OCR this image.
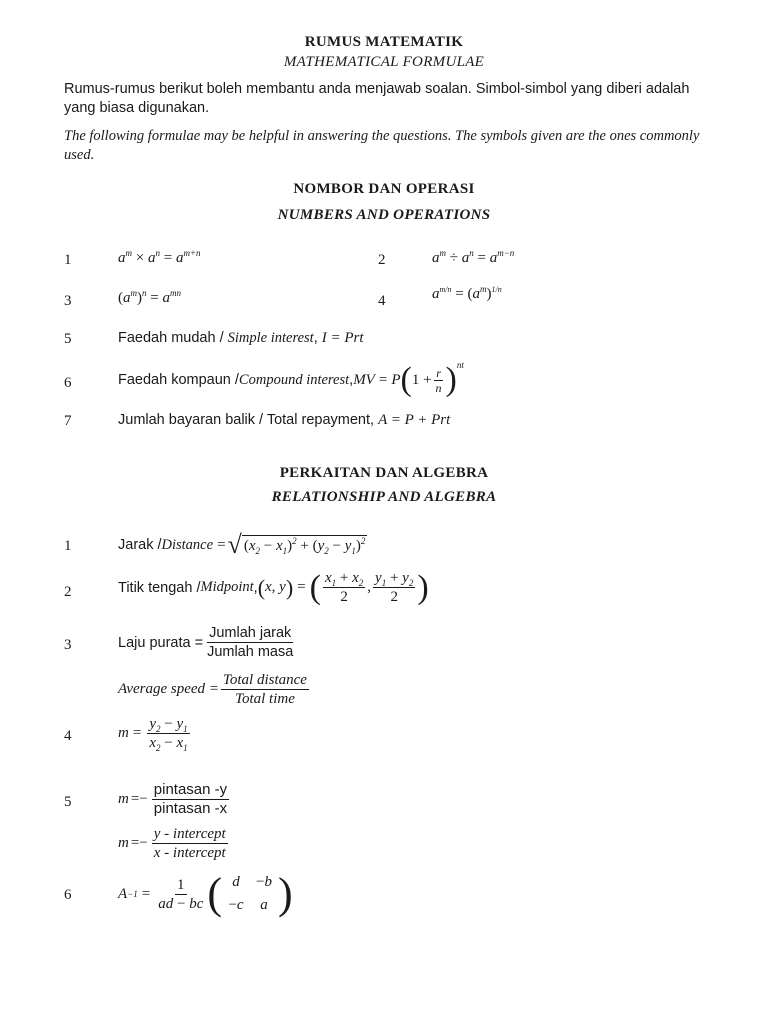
RUMUS MATEMATIK
MATHEMATICAL FORMULAE
Rumus-rumus berikut boleh membantu anda menjawab soalan. Simbol-simbol yang diberi adalah yang biasa digunakan.
The following formulae may be helpful in answering the questions. The symbols given are the ones commonly used.
NOMBOR DAN OPERASI
NUMBERS AND OPERATIONS
1	$a^m \times a^n = a^{m+n}$	2	$a^m \div a^n = a^{m-n}$
3	$(a^m)^n = a^{mn}$	4	$a^{m/n} = (a^m)^{1/n}$
5	Faedah mudah / Simple interest, I = Prt
6	Faedah kompaun / Compound interest , MV = P ( $1 + \frac{r}{n}$ ) nt
7	Jumlah bayaran balik / Total repayment, A = P + Prt
PERKAITAN DAN ALGEBRA
RELATIONSHIP AND ALGEBRA
1	Jarak / Distance = √ $(x_2 - x_1)^2 + (y_2 - y_1)^2$
2	Titik tengah / Midpoint , ( x, y ) = ( $\frac{x_1 + x_2}{2}$ , $\frac{y_1 + y_2}{2}$ )
3	Laju purata = $\frac{\text{Jumlah jarak}}{\text{Jumlah masa}}$
Average speed = $\frac{\text{Total distance}}{\text{Total time}}$
4	$m = \frac{y_2 - y_1}{x_2 - x_1}$
5	$m =- \frac{\text{pintasan -y}}{\text{pintasan -x}}$
$m =- \frac{\text{y - intercept}}{\text{x - intercept}}$
6	$A -1 = \frac{1}{ad - bc}$ ( d	−b
−c	a )
